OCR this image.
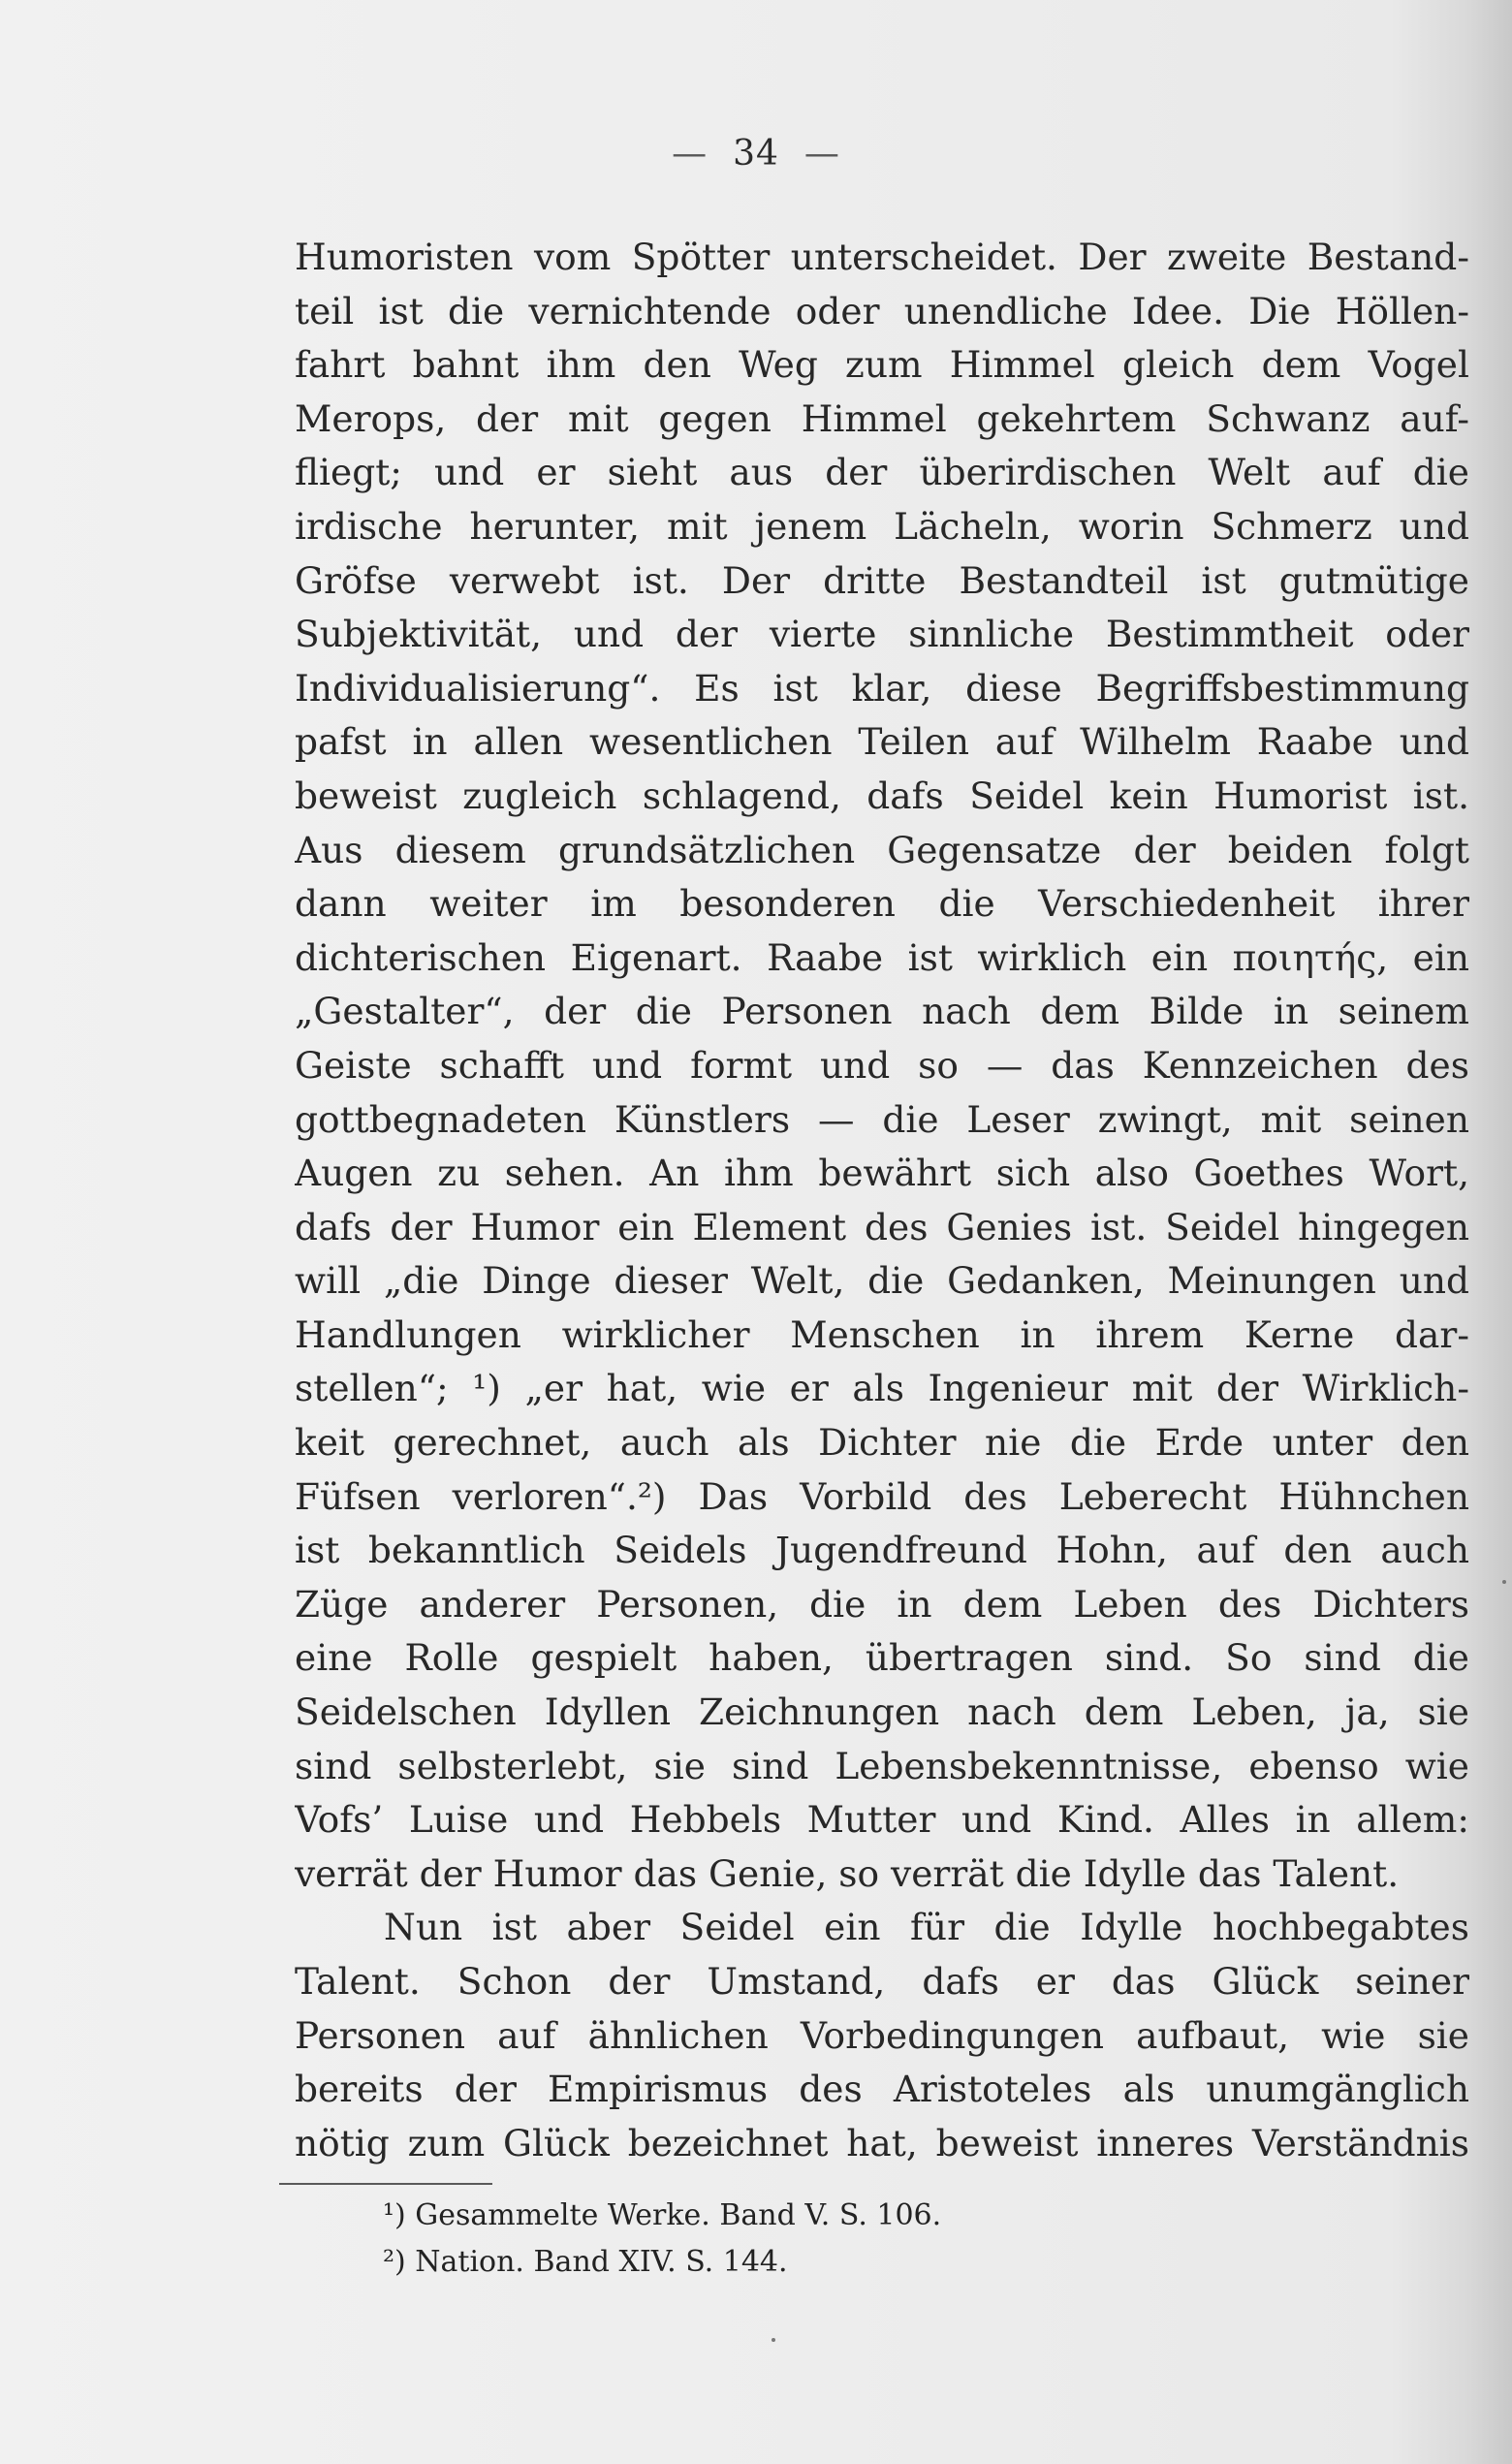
— 34 —
Humoristen vom Spötter unterscheidet. Der zweite Bestand-
teil ist die vernichtende oder unendliche Idee. Die Höllen-
fahrt bahnt ihm den Weg zum Himmel gleich dem Vogel
Merops, der mit gegen Himmel gekehrtem Schwanz auf-
fliegt; und er sieht aus der überirdischen Welt auf die
irdische herunter, mit jenem Lächeln, worin Schmerz und
Gröfse verwebt ist. Der dritte Bestandteil ist gutmütige
Subjektivität, und der vierte sinnliche Bestimmtheit oder
Individualisierung“. Es ist klar, diese Begriffsbestimmung
pafst in allen wesentlichen Teilen auf Wilhelm Raabe und
beweist zugleich schlagend, dafs Seidel kein Humorist ist.
Aus diesem grundsätzlichen Gegensatze der beiden folgt
dann weiter im besonderen die Verschiedenheit ihrer
dichterischen Eigenart. Raabe ist wirklich ein ποιητής, ein
„Gestalter“, der die Personen nach dem Bilde in seinem
Geiste schafft und formt und so — das Kennzeichen des
gottbegnadeten Künstlers — die Leser zwingt, mit seinen
Augen zu sehen. An ihm bewährt sich also Goethes Wort,
dafs der Humor ein Element des Genies ist. Seidel hingegen
will „die Dinge dieser Welt, die Gedanken, Meinungen und
Handlungen wirklicher Menschen in ihrem Kerne dar-
stellen“; ¹) „er hat, wie er als Ingenieur mit der Wirklich-
keit gerechnet, auch als Dichter nie die Erde unter den
Füfsen verloren“.²) Das Vorbild des Leberecht Hühnchen
ist bekanntlich Seidels Jugendfreund Hohn, auf den auch
Züge anderer Personen, die in dem Leben des Dichters
eine Rolle gespielt haben, übertragen sind. So sind die
Seidelschen Idyllen Zeichnungen nach dem Leben, ja, sie
sind selbsterlebt, sie sind Lebensbekenntnisse, ebenso wie
Vofs’ Luise und Hebbels Mutter und Kind. Alles in allem:
verrät der Humor das Genie, so verrät die Idylle das Talent.
Nun ist aber Seidel ein für die Idylle hochbegabtes
Talent. Schon der Umstand, dafs er das Glück seiner
Personen auf ähnlichen Vorbedingungen aufbaut, wie sie
bereits der Empirismus des Aristoteles als unumgänglich
nötig zum Glück bezeichnet hat, beweist inneres Verständnis
¹) Gesammelte Werke. Band V. S. 106.
²) Nation. Band XIV. S. 144.
